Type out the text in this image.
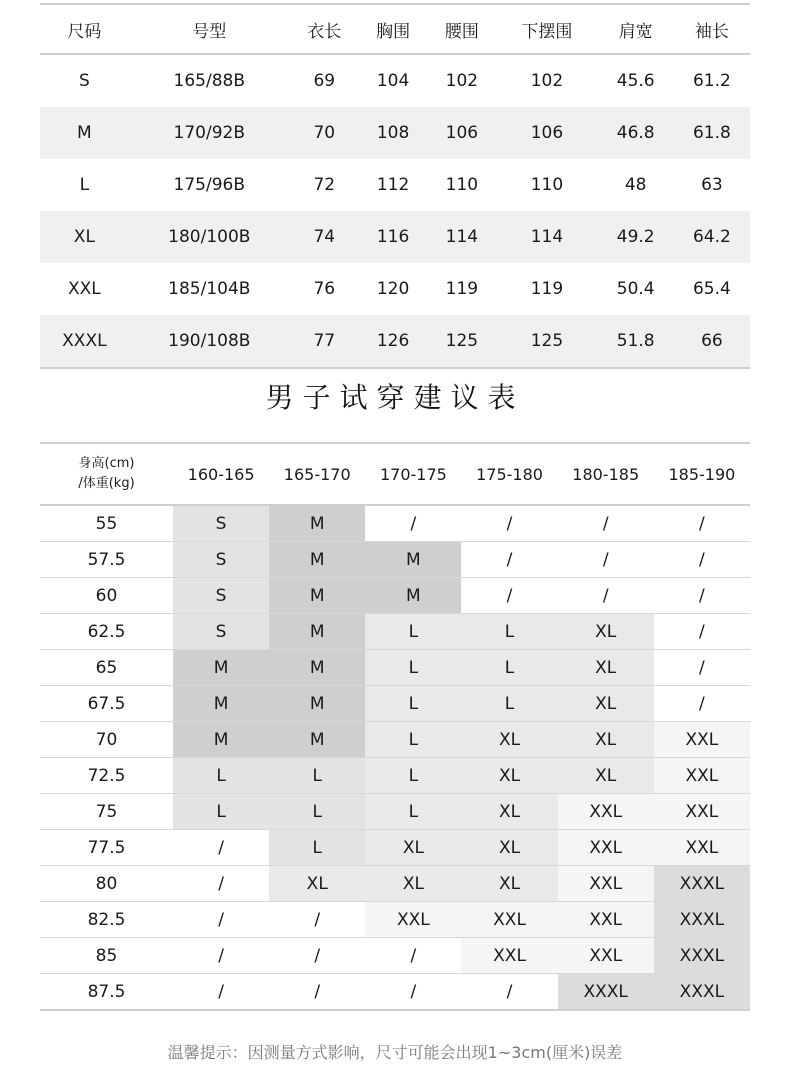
尺码	号型	衣长	胸围	腰围	下摆围	肩宽	袖长
S	165/88B	69	104	102	102	45.6	61.2
M	170/92B	70	108	106	106	46.8	61.8
L	175/96B	72	112	110	110	48	63
XL	180/100B	74	116	114	114	49.2	64.2
XXL	185/104B	76	120	119	119	50.4	65.4
XXXL	190/108B	77	126	125	125	51.8	66
男子试穿建议表
身高(cm)
/体重(kg)	160-165	165-170	170-175	175-180	180-185	185-190
55	S	M	/	/	/	/
57.5	S	M	M	/	/	/
60	S	M	M	/	/	/
62.5	S	M	L	L	XL	/
65	M	M	L	L	XL	/
67.5	M	M	L	L	XL	/
70	M	M	L	XL	XL	XXL
72.5	L	L	L	XL	XL	XXL
75	L	L	L	XL	XXL	XXL
77.5	/	L	XL	XL	XXL	XXL
80	/	XL	XL	XL	XXL	XXXL
82.5	/	/	XXL	XXL	XXL	XXXL
85	/	/	/	XXL	XXL	XXXL
87.5	/	/	/	/	XXXL	XXXL
温馨提示：因测量方式影响，尺寸可能会出现1~3cm(厘米)误差
